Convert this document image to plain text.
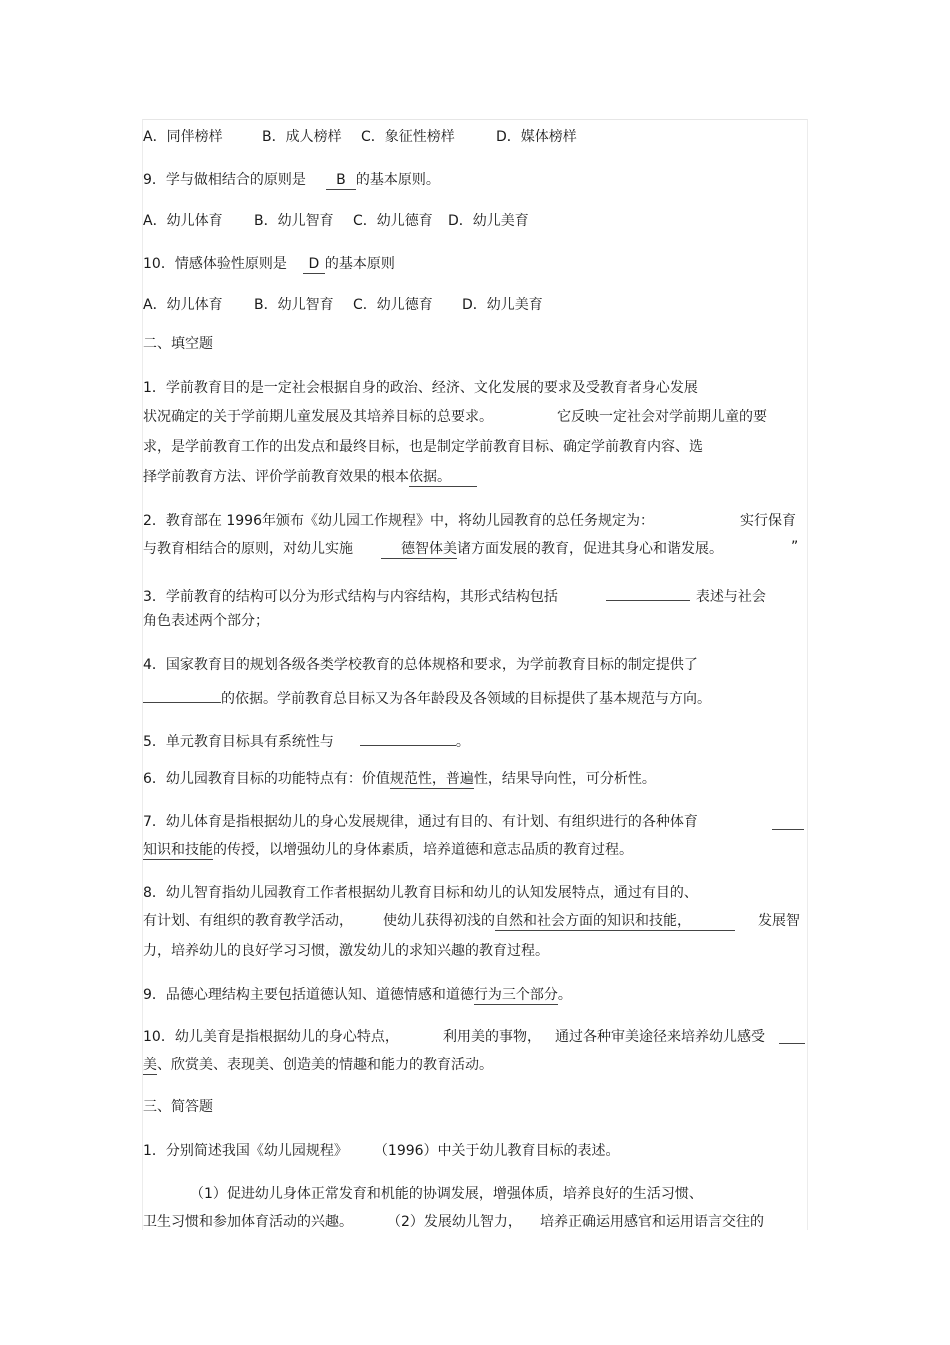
A．同伴榜样	B．成人榜样 C．象征性榜样	D．媒体榜样
9．学与做相结合的原则是 B 的基本原则。
A．幼儿体育 B．幼儿智育 C．幼儿德育 D．幼儿美育
10．情感体验性原则是 D 的基本原则
A．幼儿体育 B．幼儿智育 C．幼儿德育 D．幼儿美育
二、填空题
1．学前教育目的是一定社会根据自身的政治、经济、文化发展的要求及受教育者身心发展
状况确定的关于学前期儿童发展及其培养目标的总要求。	它反映一定社会对学前期儿童的要
求，是学前教育工作的出发点和最终目标，也是制定学前教育目标、确定学前教育内容、选
择学前教育方法、评价学前教育效果的根本依据。
2．教育部在 1996年颁布《幼儿园工作规程》中，将幼儿园教育的总任务规定为：	实行保育
与教育相结合的原则，对幼儿实施	德智体美诸方面发展的教育，促进其身心和谐发展。	”
3．学前教育的结构可以分为形式结构与内容结构，其形式结构包括	表述与社会
角色表述两个部分；
4．国家教育目的规划各级各类学校教育的总体规格和要求，为学前教育目标的制定提供了
的依据。学前教育总目标又为各年龄段及各领域的目标提供了基本规范与方向。
5．单元教育目标具有系统性与	。
6．幼儿园教育目标的功能特点有：价值规范性，普遍性，结果导向性，可分析性。
7．幼儿体育是指根据幼儿的身心发展规律，通过有目的、有计划、有组织进行的各种体育
知识和技能的传授，以增强幼儿的身体素质，培养道德和意志品质的教育过程。
8．幼儿智育指幼儿园教育工作者根据幼儿教育目标和幼儿的认知发展特点，通过有目的、
有计划、有组织的教育教学活动， 使幼儿获得初浅的自然和社会方面的知识和技能，	发展智
力，培养幼儿的良好学习习惯，激发幼儿的求知兴趣的教育过程。
9．品德心理结构主要包括道德认知、道德情感和道德行为三个部分。
10．幼儿美育是指根据幼儿的身心特点，	利用美的事物， 通过各种审美途径来培养幼儿感受
美、欣赏美、表现美、创造美的情趣和能力的教育活动。
三、简答题
1．分别简述我国《幼儿园规程》 （1996）中关于幼儿教育目标的表述。
（1）促进幼儿身体正常发育和机能的协调发展，增强体质，培养良好的生活习惯、
卫生习惯和参加体育活动的兴趣。 （2）发展幼儿智力， 培养正确运用感官和运用语言交往的
